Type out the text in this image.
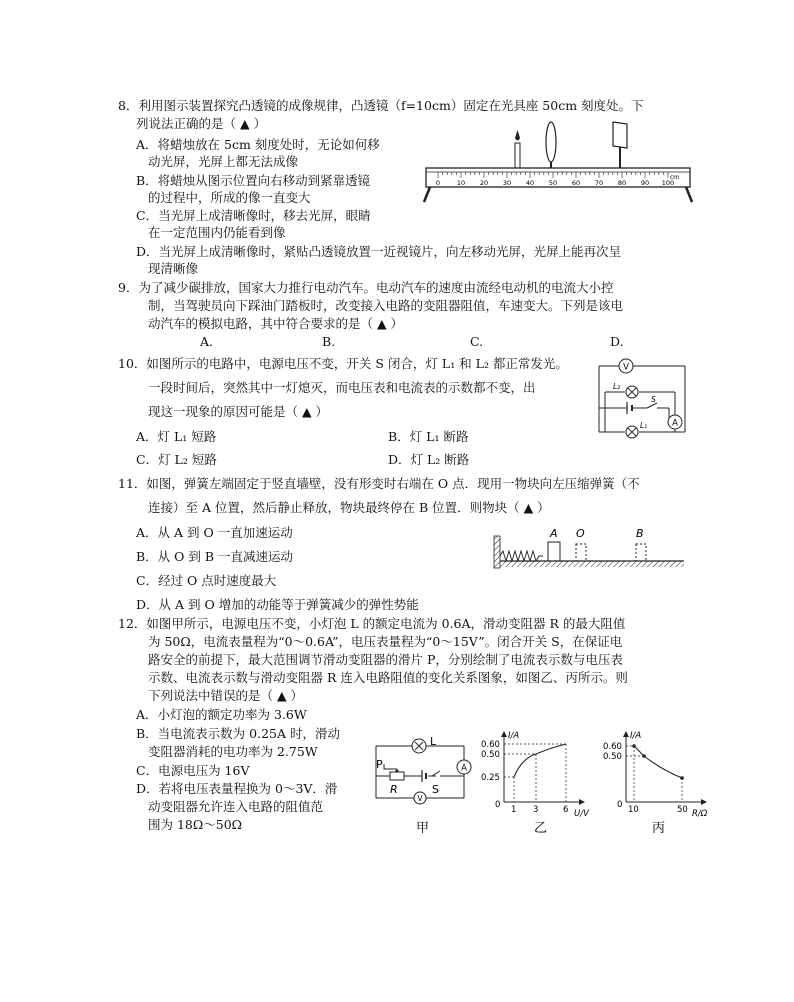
8．利用图示装置探究凸透镜的成像规律，凸透镜（f=10cm）固定在光具座 50cm 刻度处。下
列说法正确的是（ ▲ ）
A．将蜡烛放在 5cm 刻度处时，无论如何移
动光屏，光屏上都无法成像
B．将蜡烛从图示位置向右移动到紧靠透镜
的过程中，所成的像一直变大
C．当光屏上成清晰像时，移去光屏，眼睛
在一定范围内仍能看到像
D．当光屏上成清晰像时，紧贴凸透镜放置一近视镜片，向左移动光屏，光屏上能再次呈
现清晰像
0	10 20 30 40 50 60 70 80 90 100
cm
9．为了减少碳排放，国家大力推行电动汽车。电动汽车的速度由流经电动机的电流大小控
制，当驾驶员向下踩油门踏板时，改变接入电路的变阻器阻值，车速变大。下列是该电
动汽车的模拟电路，其中符合要求的是（ ▲ ）
A.	B.	C.	D.
10．如图所示的电路中，电源电压不变，开关 S 闭合，灯 L₁ 和 L₂ 都正常发光。
一段时间后，突然其中一灯熄灭，而电压表和电流表的示数都不变，出
现这一现象的原因可能是（ ▲ ）
A．灯 L₁ 短路	B．灯 L₁ 断路
C．灯 L₂ 短路	D．灯 L₂ 断路
V
L₂
S
A
L₁
11．如图，弹簧左端固定于竖直墙壁，没有形变时右端在 O 点．现用一物块向左压缩弹簧（不
连接）至 A 位置，然后静止释放，物块最终停在 B 位置．则物块（ ▲ ）
A．从 A 到 O 一直加速运动
B．从 O 到 B 一直减速运动
C．经过 O 点时速度最大
D．从 A 到 O 增加的动能等于弹簧减少的弹性势能
A O	B
12．如图甲所示，电源电压不变，小灯泡 L 的额定电流为 0.6A，滑动变阻器 R 的最大阻值
为 50Ω，电流表量程为“0～0.6A”，电压表量程为“0～15V”。闭合开关 S，在保证电
路安全的前提下，最大范围调节滑动变阻器的滑片 P，分别绘制了电流表示数与电压表
示数、电流表示数与滑动变阻器 R 连入电路阻值的变化关系图象，如图乙、丙所示。则
下列说法中错误的是（ ▲ ）
A．小灯泡的额定功率为 3.6W
B．当电流表示数为 0.25A 时，滑动
变阻器消耗的电功率为 2.75W
C．电源电压为 16V
D．若将电压表量程换为 0～3V．滑
动变阻器允许连入电路的阻值范
围为 18Ω～50Ω
L
P
R	S
A
V
甲
I/A
U/V
0
0.60
0.50
0.25
1 3	6
乙
I/A
R/Ω
0
0.60
0.50
10	50
丙
